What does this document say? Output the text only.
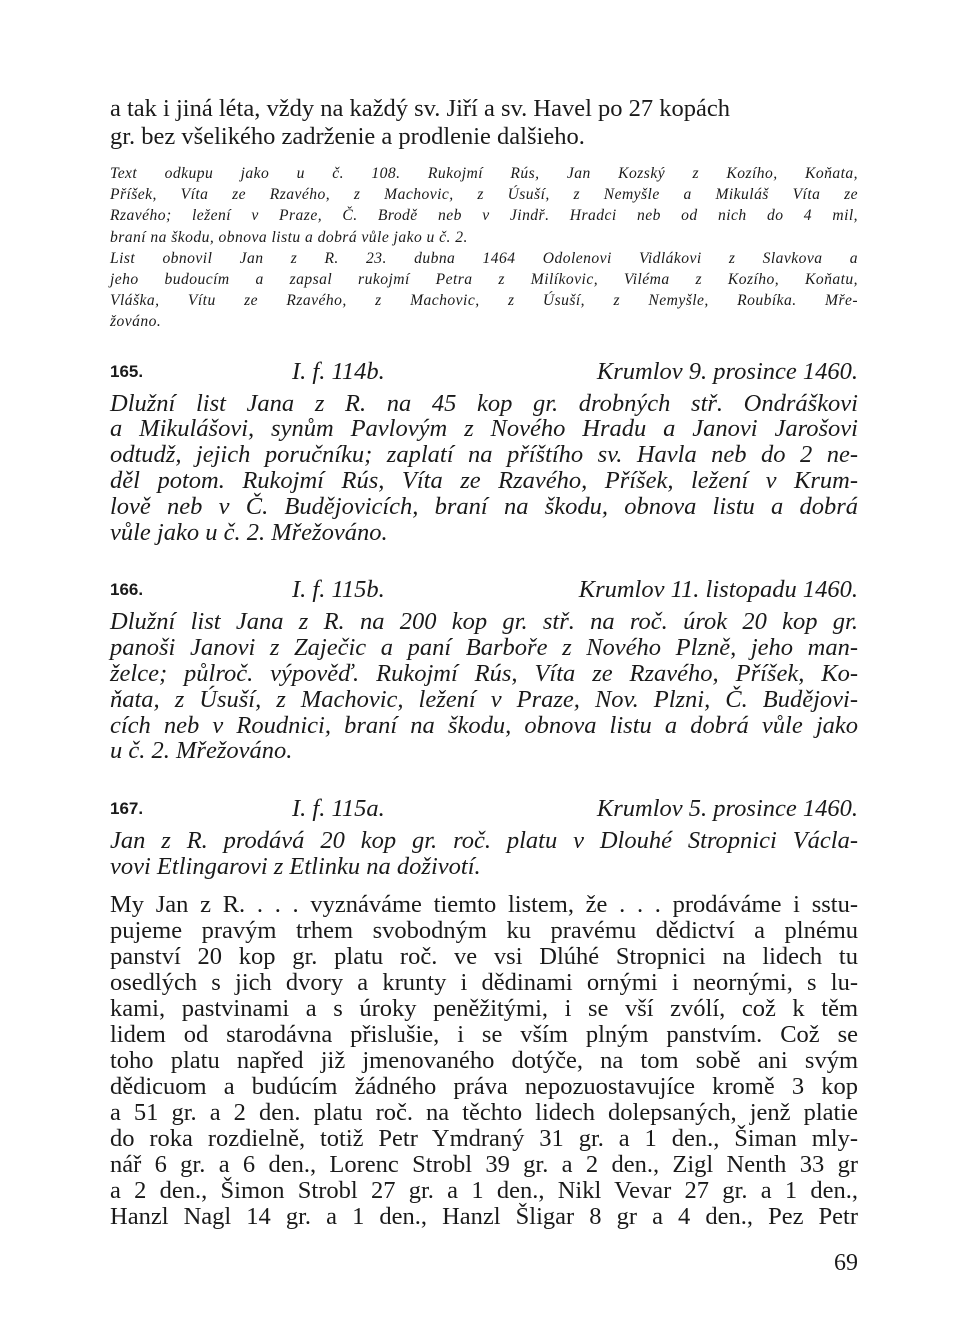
a tak i jiná léta, vždy na každý sv. Jiří a sv. Havel po 27 kopách
gr. bez všelikého zadrženie a prodlenie dalšieho.
Text odkupu jako u č. 108. Rukojmí Rús, Jan Kozský z Kozího, Koňata,
Příšek, Víta ze Rzavého, z Machovic, z Úsuší, z Nemyšle a Mikuláš Víta ze
Rzavého; ležení v Praze, Č. Brodě neb v Jindř. Hradci neb od nich do 4 mil,
braní na škodu, obnova listu a dobrá vůle jako u č. 2.
List obnovil Jan z R. 23. dubna 1464 Odolenovi Vidlákovi z Slavkova a
jeho budoucím a zapsal rukojmí Petra z Milíkovic, Viléma z Kozího, Koňatu,
Vláška, Vítu ze Rzavého, z Machovic, z Úsuší, z Nemyšle, Roubíka. Mře-
žováno.
165.	I. f. 114b.	Krumlov 9. prosince 1460.
Dlužní list Jana z R. na 45 kop gr. drobných stř. Ondráškovi
a Mikulášovi, synům Pavlovým z Nového Hradu a Janovi Jarošovi
odtudž, jejich poručníku; zaplatí na příštího sv. Havla neb do 2 ne-
děl potom. Rukojmí Rús, Víta ze Rzavého, Příšek, ležení v Krum-
lově neb v Č. Budějovicích, braní na škodu, obnova listu a dobrá
vůle jako u č. 2. Mřežováno.
166.	I. f. 115b.	Krumlov 11. listopadu 1460.
Dlužní list Jana z R. na 200 kop gr. stř. na roč. úrok 20 kop gr.
panoši Janovi z Zaječic a paní Barboře z Nového Plzně, jeho man-
želce; půlroč. výpověď. Rukojmí Rús, Víta ze Rzavého, Příšek, Ko-
ňata, z Úsuší, z Machovic, ležení v Praze, Nov. Plzni, Č. Budějovi-
cích neb v Roudnici, braní na škodu, obnova listu a dobrá vůle jako
u č. 2. Mřežováno.
167.	I. f. 115a.	Krumlov 5. prosince 1460.
Jan z R. prodává 20 kop gr. roč. platu v Dlouhé Stropnici Václa-
vovi Etlingarovi z Etlinku na doživotí.
My Jan z R. . . . vyznáváme tiemto listem, že . . . prodáváme i sstu-
pujeme pravým trhem svobodným ku pravému dědictví a plnému
panství 20 kop gr. platu roč. ve vsi Dlúhé Stropnici na lidech tu
osedlých s jich dvory a krunty i dědinami ornými i neornými, s lu-
kami, pastvinami a s úroky peněžitými, i se vší zvólí, což k těm
lidem od starodávna přislušie, i se vším plným panstvím. Což se
toho platu napřed již jmenovaného dotýče, na tom sobě ani svým
dědicuom a budúcím žádného práva nepozuostavujíce kromě 3 kop
a 51 gr. a 2 den. platu roč. na těchto lidech dolepsaných, jenž platie
do roka rozdielně, totiž Petr Ymdraný 31 gr. a 1 den., Šiman mly-
nář 6 gr. a 6 den., Lorenc Strobl 39 gr. a 2 den., Zigl Nenth 33 gr
a 2 den., Šimon Strobl 27 gr. a 1 den., Nikl Vevar 27 gr. a 1 den.,
Hanzl Nagl 14 gr. a 1 den., Hanzl Šligar 8 gr a 4 den., Pez Petr
69
